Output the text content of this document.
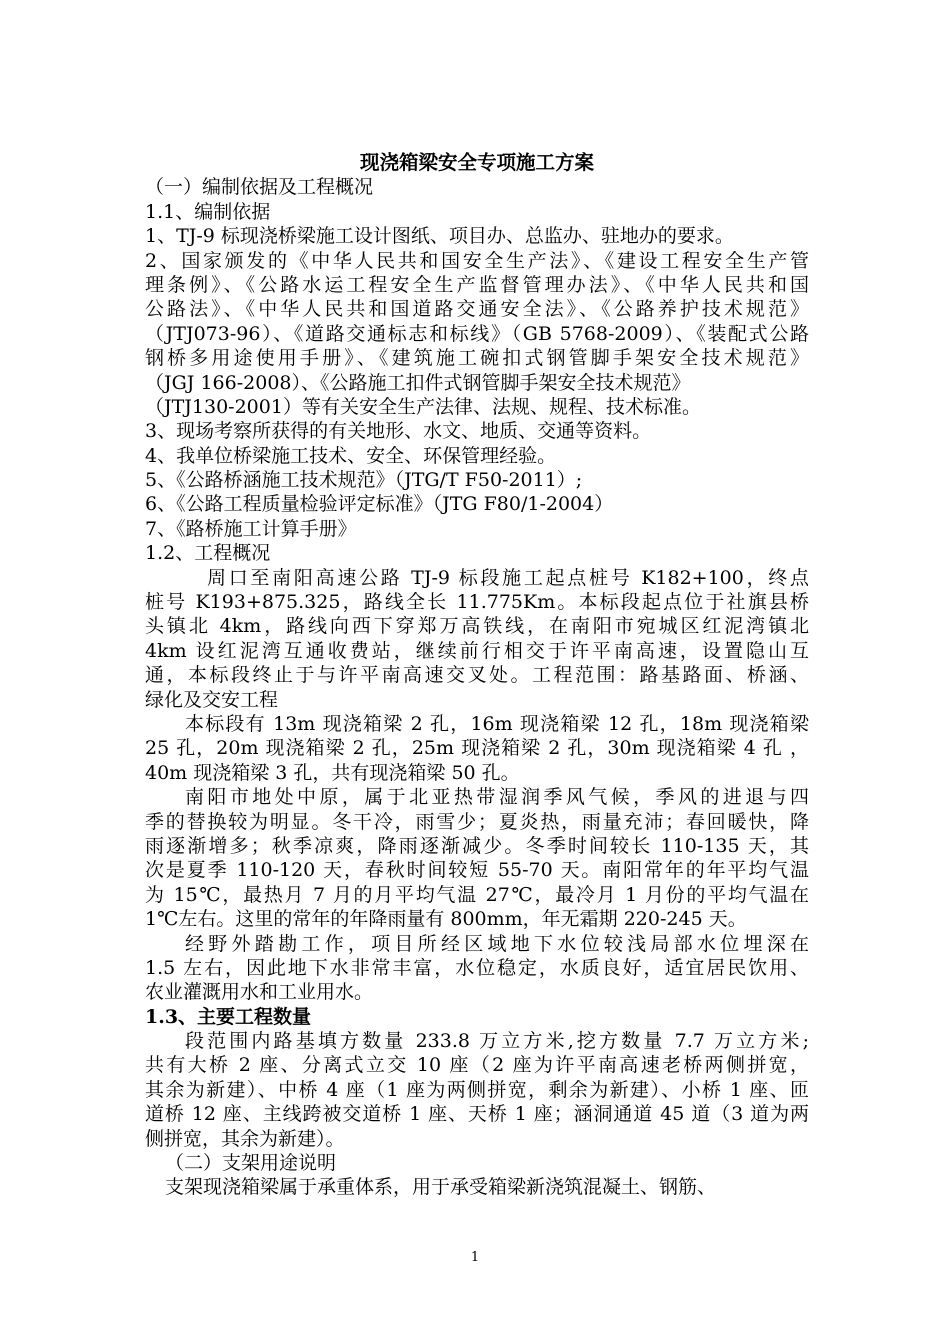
现浇箱梁安全专项施工方案

（一）编制依据及工程概况

1.1、编制依据

1、TJ-9 标现浇桥梁施工设计图纸、项目办、总监办、驻地办的要求。

2、国家颁发的《中华人民共和国安全生产法》、《建设工程安全生产管

理条例》、《公路水运工程安全生产监督管理办法》、《中华人民共和国

公路法》、《中华人民共和国道路交通安全法》、《公路养护技术规范》

（JTJ073-96）、《道路交通标志和标线》（GB 5768-2009）、《装配式公路

钢桥多用途使用手册》、《建筑施工碗扣式钢管脚手架安全技术规范》

（JGJ 166-2008）、《公路施工扣件式钢管脚手架安全技术规范》

（JTJ130-2001）等有关安全生产法律、法规、规程、技术标准。

3、现场考察所获得的有关地形、水文、地质、交通等资料。

4、我单位桥梁施工技术、安全、环保管理经验。

5、《公路桥涵施工技术规范》（JTG/T F50-2011）;

6、《公路工程质量检验评定标准》（JTG F80/1-2004）

7、《路桥施工计算手册》

1.2、工程概况

周口至南阳高速公路 TJ-9 标段施工起点桩号 K182+100，终点

桩号 K193+875.325，路线全长 11.775Km。本标段起点位于社旗县桥

头镇北 4km，路线向西下穿郑万高铁线，在南阳市宛城区红泥湾镇北

4km 设红泥湾互通收费站，继续前行相交于许平南高速，设置隐山互

通，本标段终止于与许平南高速交叉处。工程范围：路基路面、桥涵、

绿化及交安工程

本标段有 13m 现浇箱梁 2 孔，16m 现浇箱梁 12 孔，18m 现浇箱梁

25 孔，20m 现浇箱梁 2 孔，25m 现浇箱梁 2 孔，30m 现浇箱梁 4 孔 ，

40m 现浇箱梁 3 孔，共有现浇箱梁 50 孔。

南阳市地处中原，属于北亚热带湿润季风气候，季风的进退与四

季的替换较为明显。冬干冷，雨雪少；夏炎热，雨量充沛；春回暖快，降

雨逐渐增多；秋季凉爽，降雨逐渐减少。冬季时间较长 110-135 天，其

次是夏季 110-120 天，春秋时间较短 55-70 天。南阳常年的年平均气温

为 15℃，最热月 7 月的月平均气温 27℃，最冷月 1 月份的平均气温在

1℃左右。这里的常年的年降雨量有 800mm，年无霜期 220-245 天。

经野外踏勘工作，项目所经区域地下水位较浅局部水位埋深在

1.5 左右，因此地下水非常丰富，水位稳定，水质良好，适宜居民饮用、

农业灌溉用水和工业用水。

1.3、主要工程数量

段范围内路基填方数量 233.8 万立方米,挖方数量 7.7 万立方米;

共有大桥 2 座、分离式立交 10 座（2 座为许平南高速老桥两侧拼宽，

其余为新建）、中桥 4 座（1 座为两侧拼宽，剩余为新建）、小桥 1 座、匝

道桥 12 座、主线跨被交道桥 1 座、天桥 1 座；涵洞通道 45 道（3 道为两

侧拼宽，其余为新建）。

（二）支架用途说明

支架现浇箱梁属于承重体系，用于承受箱梁新浇筑混凝土、钢筋、

1
